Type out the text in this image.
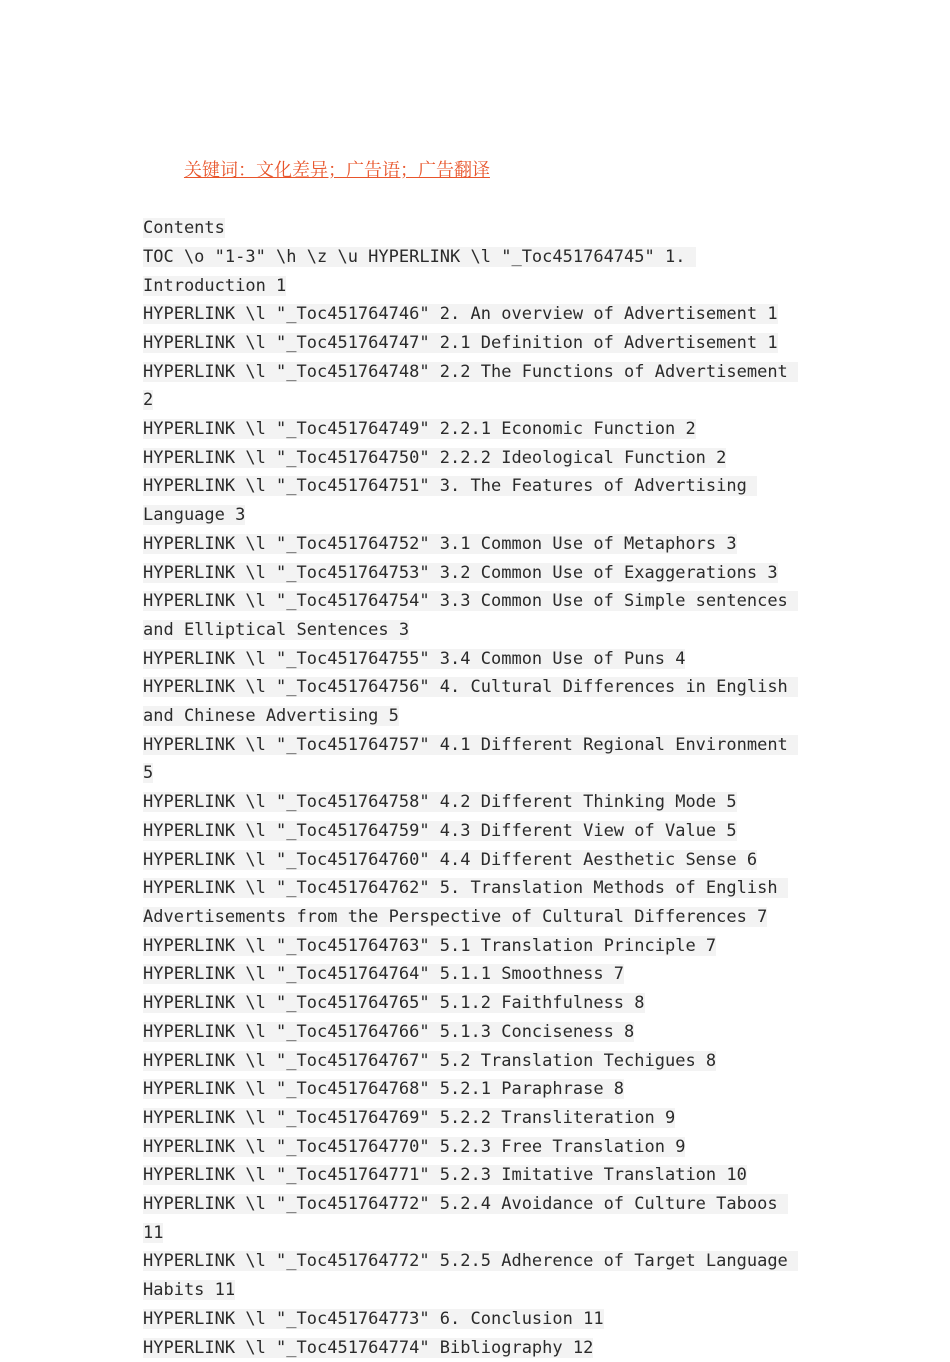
关键词：文化差异；广告语；广告翻译

Contents
TOC \o "1-3" \h \z \u HYPERLINK \l "_Toc451764745" 1. Introduction 1
HYPERLINK \l "_Toc451764746" 2. An overview of Advertisement 1
HYPERLINK \l "_Toc451764747" 2.1 Definition of Advertisement 1
HYPERLINK \l "_Toc451764748" 2.2 The Functions of Advertisement 2
HYPERLINK \l "_Toc451764749" 2.2.1 Economic Function 2
HYPERLINK \l "_Toc451764750" 2.2.2 Ideological Function 2
HYPERLINK \l "_Toc451764751" 3. The Features of Advertising Language 3
HYPERLINK \l "_Toc451764752" 3.1 Common Use of Metaphors 3
HYPERLINK \l "_Toc451764753" 3.2 Common Use of Exaggerations 3
HYPERLINK \l "_Toc451764754" 3.3 Common Use of Simple sentences and Elliptical Sentences 3
HYPERLINK \l "_Toc451764755" 3.4 Common Use of Puns 4
HYPERLINK \l "_Toc451764756" 4. Cultural Differences in English and Chinese Advertising 5
HYPERLINK \l "_Toc451764757" 4.1 Different Regional Environment 5
HYPERLINK \l "_Toc451764758" 4.2 Different Thinking Mode 5
HYPERLINK \l "_Toc451764759" 4.3 Different View of Value 5
HYPERLINK \l "_Toc451764760" 4.4 Different Aesthetic Sense 6
HYPERLINK \l "_Toc451764762" 5. Translation Methods of English Advertisements from the Perspective of Cultural Differences 7
HYPERLINK \l "_Toc451764763" 5.1 Translation Principle 7
HYPERLINK \l "_Toc451764764" 5.1.1 Smoothness 7
HYPERLINK \l "_Toc451764765" 5.1.2 Faithfulness 8
HYPERLINK \l "_Toc451764766" 5.1.3 Conciseness 8
HYPERLINK \l "_Toc451764767" 5.2 Translation Techigues 8
HYPERLINK \l "_Toc451764768" 5.2.1 Paraphrase 8
HYPERLINK \l "_Toc451764769" 5.2.2 Transliteration 9
HYPERLINK \l "_Toc451764770" 5.2.3 Free Translation 9
HYPERLINK \l "_Toc451764771" 5.2.3 Imitative Translation 10
HYPERLINK \l "_Toc451764772" 5.2.4 Avoidance of Culture Taboos 11
HYPERLINK \l "_Toc451764772" 5.2.5 Adherence of Target Language Habits 11
HYPERLINK \l "_Toc451764773" 6. Conclusion 11
HYPERLINK \l "_Toc451764774" Bibliography 12
